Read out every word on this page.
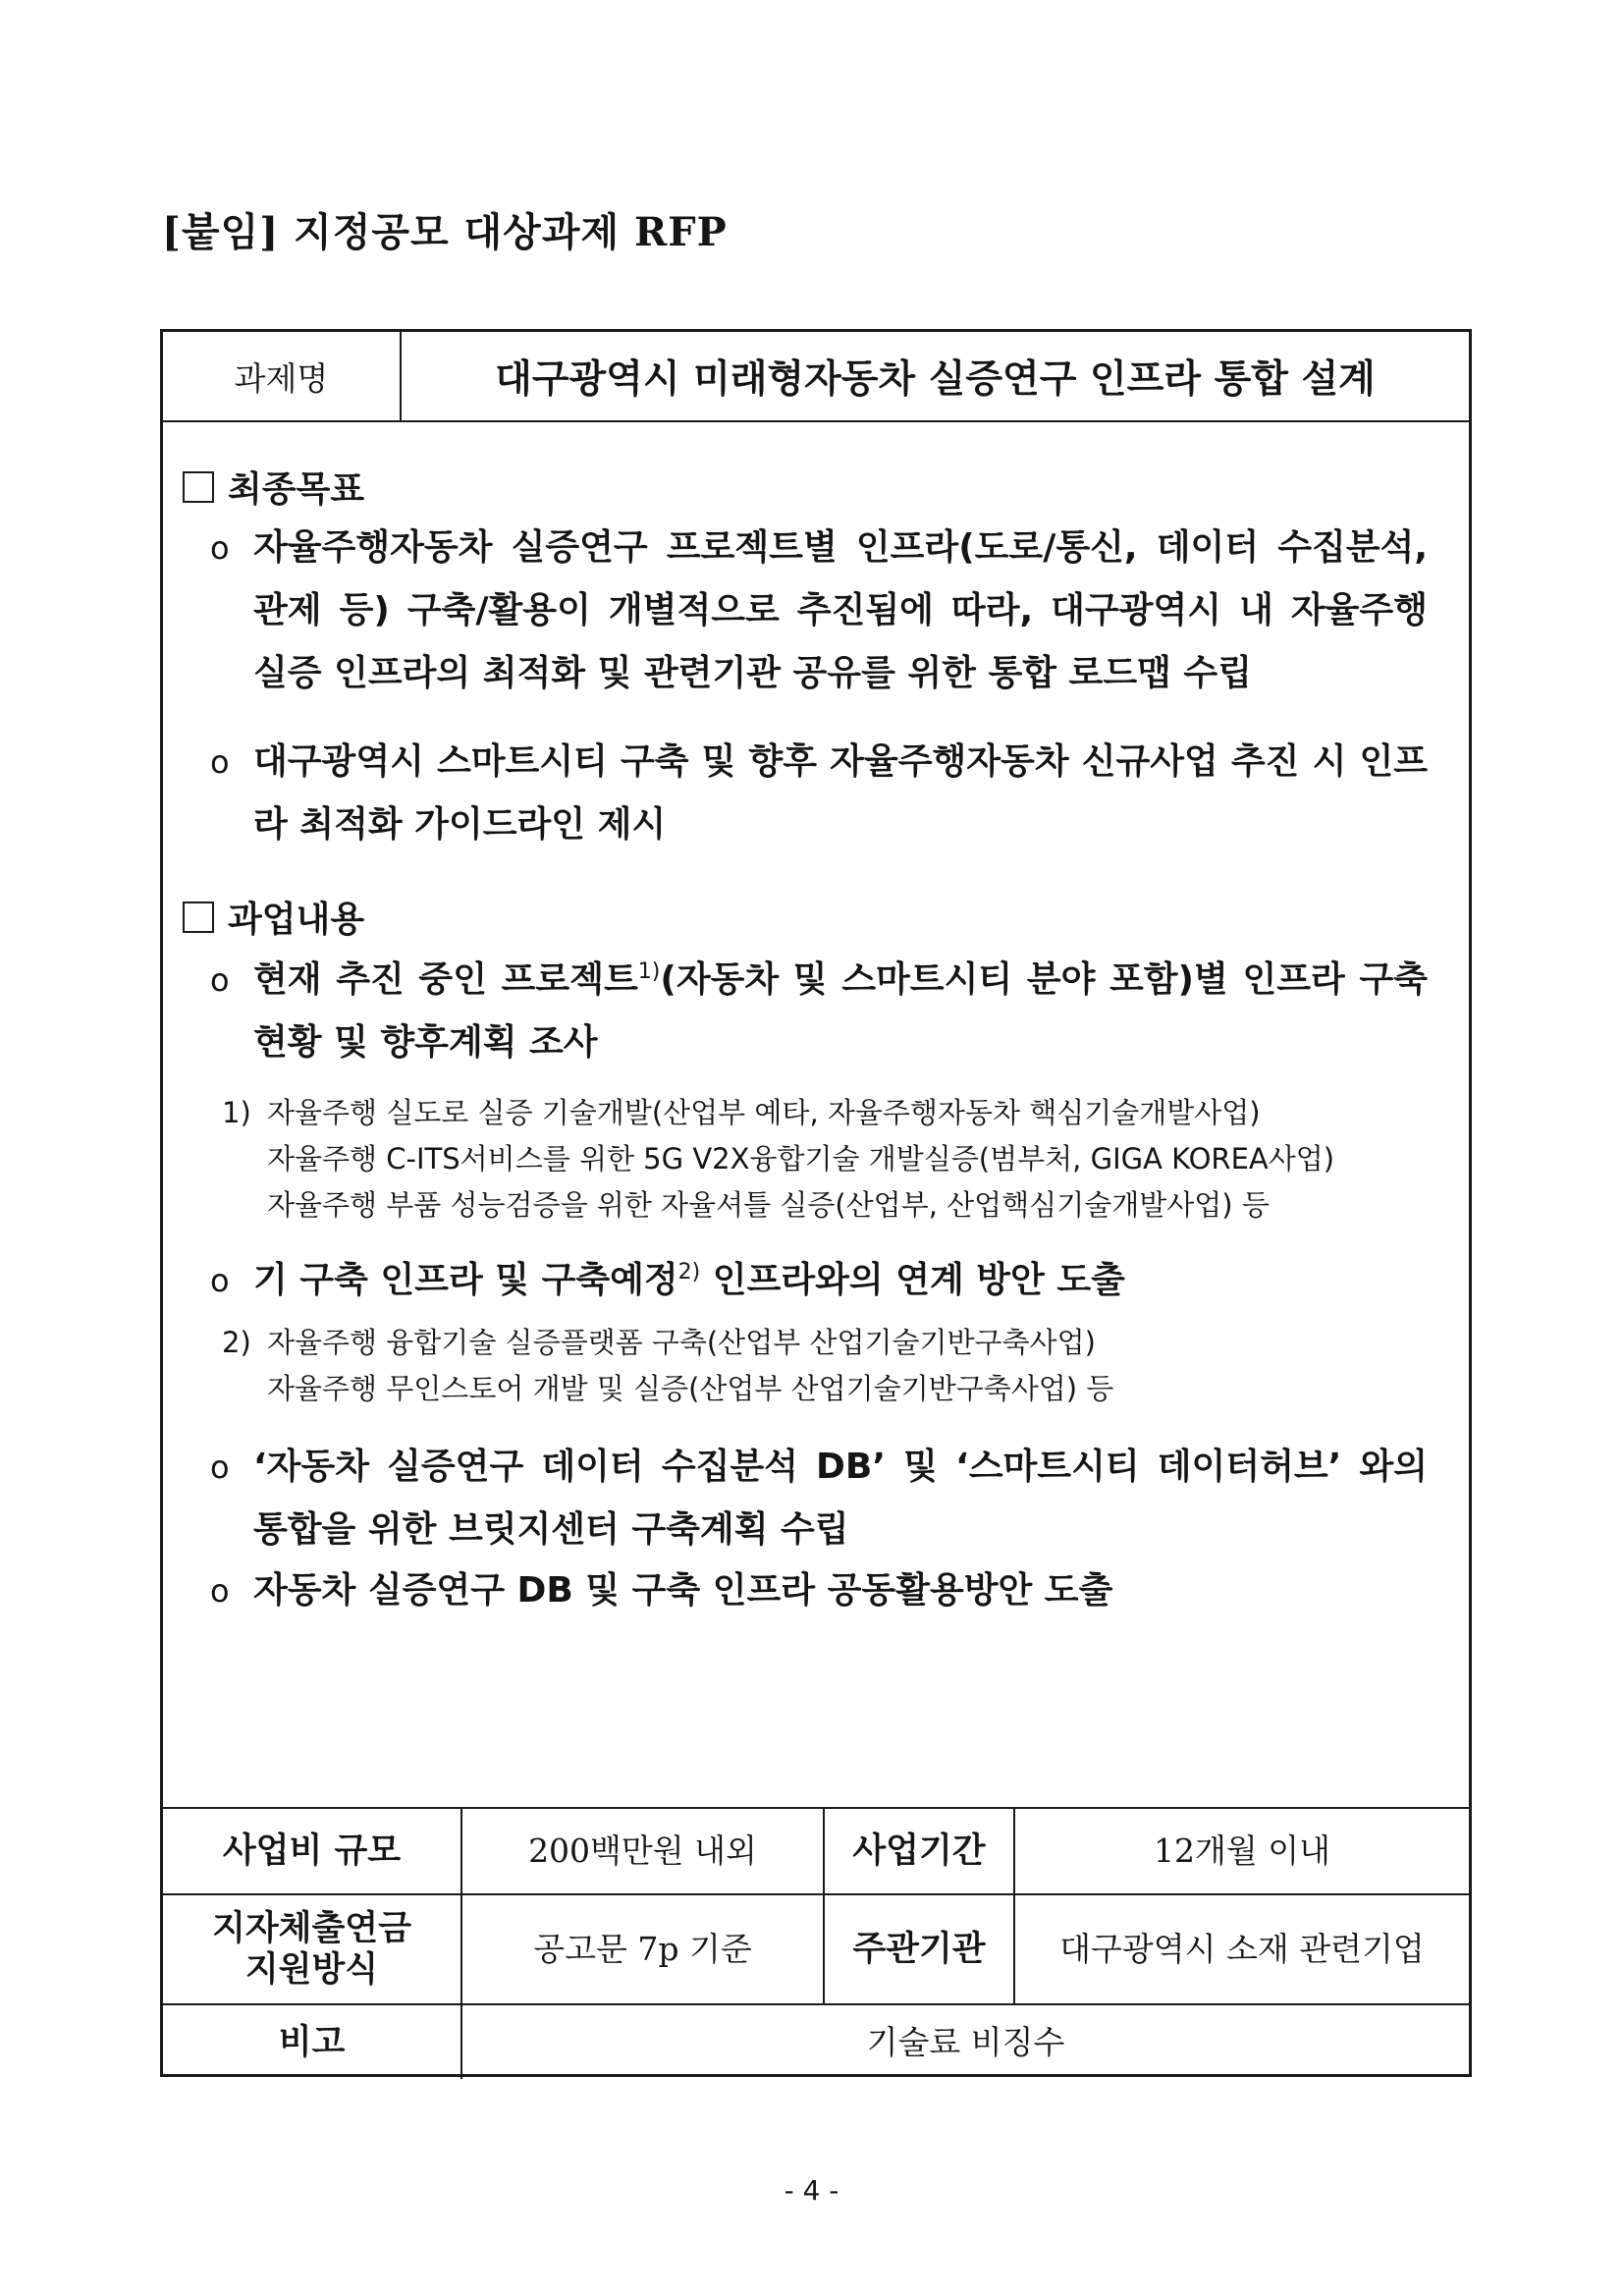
[붙임] 지정공모 대상과제 RFP
과제명	대구광역시 미래형자동차 실증연구 인프라 통합 설계
최종목표
o 자율주행자동차 실증연구 프로젝트별 인프라(도로/통신, 데이터 수집분석, 관제 등) 구축/활용이 개별적으로 추진됨에 따라, 대구광역시 내 자율주행 실증 인프라의 최적화 및 관련기관 공유를 위한 통합 로드맵 수립
o 대구광역시 스마트시티 구축 및 향후 자율주행자동차 신규사업 추진 시 인프라 최적화 가이드라인 제시
과업내용
o 현재 추진 중인 프로젝트$^{1)}$(자동차 및 스마트시티 분야 포함)별 인프라 구축 현황 및 향후계획 조사
1) 자율주행 실도로 실증 기술개발(산업부 예타, 자율주행자동차 핵심기술개발사업)
자율주행 C-ITS서비스를 위한 5G V2X융합기술 개발실증(범부처, GIGA KOREA사업)
자율주행 부품 성능검증을 위한 자율셔틀 실증(산업부, 산업핵심기술개발사업) 등
o 기 구축 인프라 및 구축예정$^{2)}$ 인프라와의 연계 방안 도출
2) 자율주행 융합기술 실증플랫폼 구축(산업부 산업기술기반구축사업)
자율주행 무인스토어 개발 및 실증(산업부 산업기술기반구축사업) 등
o ‘자동차 실증연구 데이터 수집분석 DB’ 및 ‘스마트시티 데이터허브’ 와의 통합을 위한 브릿지센터 구축계획 수립
o 자동차 실증연구 DB 및 구축 인프라 공동활용방안 도출
사업비 규모	200백만원 내외	사업기간	12개월 이내

지자체출연금
지원방식	공고문 7p 기준	주관기관	대구광역시 소재 관련기업
비고	기술료 비징수		
- 4 -
